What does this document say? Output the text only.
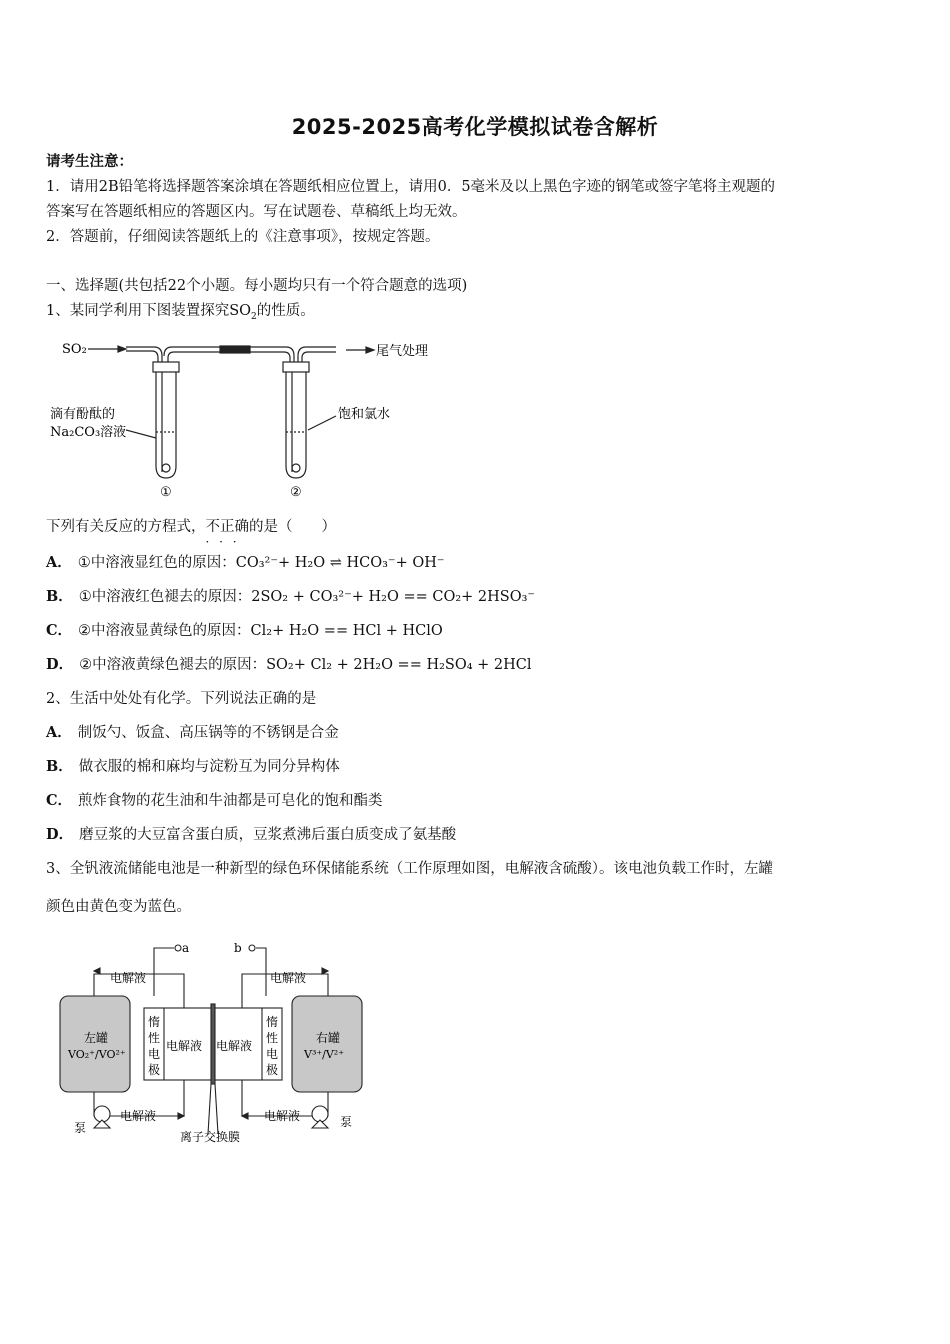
2025-2025高考化学模拟试卷含解析
请考生注意：
1．请用2B铅笔将选择题答案涂填在答题纸相应位置上，请用0．5毫米及以上黑色字迹的钢笔或签字笔将主观题的
答案写在答题纸相应的答题区内。写在试题卷、草稿纸上均无效。
2．答题前，仔细阅读答题纸上的《注意事项》，按规定答题。
一、选择题(共包括22个小题。每小题均只有一个符合题意的选项)
1、某同学利用下图装置探究$SO_2$的性质。
SO₂	尾气处理
滴有酚酞的
Na₂CO₃溶液
饱和氯水
①	②
下列有关反应的方程式，不正确 · · ·的是（　　）
A． ①中溶液显红色的原因：CO₃²⁻+ H₂O ⇌ HCO₃⁻+ OH⁻
B． ①中溶液红色褪去的原因：2SO₂ + CO₃²⁻+ H₂O == CO₂+ 2HSO₃⁻
C． ②中溶液显黄绿色的原因：Cl₂+ H₂O == HCl + HClO
D． ②中溶液黄绿色褪去的原因：SO₂+ Cl₂ + 2H₂O == H₂SO₄ + 2HCl
2、生活中处处有化学。下列说法正确的是
A． 制饭勺、饭盒、高压锅等的不锈钢是合金
B． 做衣服的棉和麻均与淀粉互为同分异构体
C． 煎炸食物的花生油和牛油都是可皂化的饱和酯类
D． 磨豆浆的大豆富含蛋白质，豆浆煮沸后蛋白质变成了氨基酸
3、全钒液流储能电池是一种新型的绿色环保储能系统（工作原理如图，电解液含硫酸）。该电池负载工作时，左罐
颜色由黄色变为蓝色。
a	b
电解液	电解液
左罐
VO₂⁺/VO²⁺
右罐
V³⁺/V²⁺
惰
性
电
极
电解液 电解液
惰
性
电
极
电解液	电解液
泵	泵
离子交换膜
